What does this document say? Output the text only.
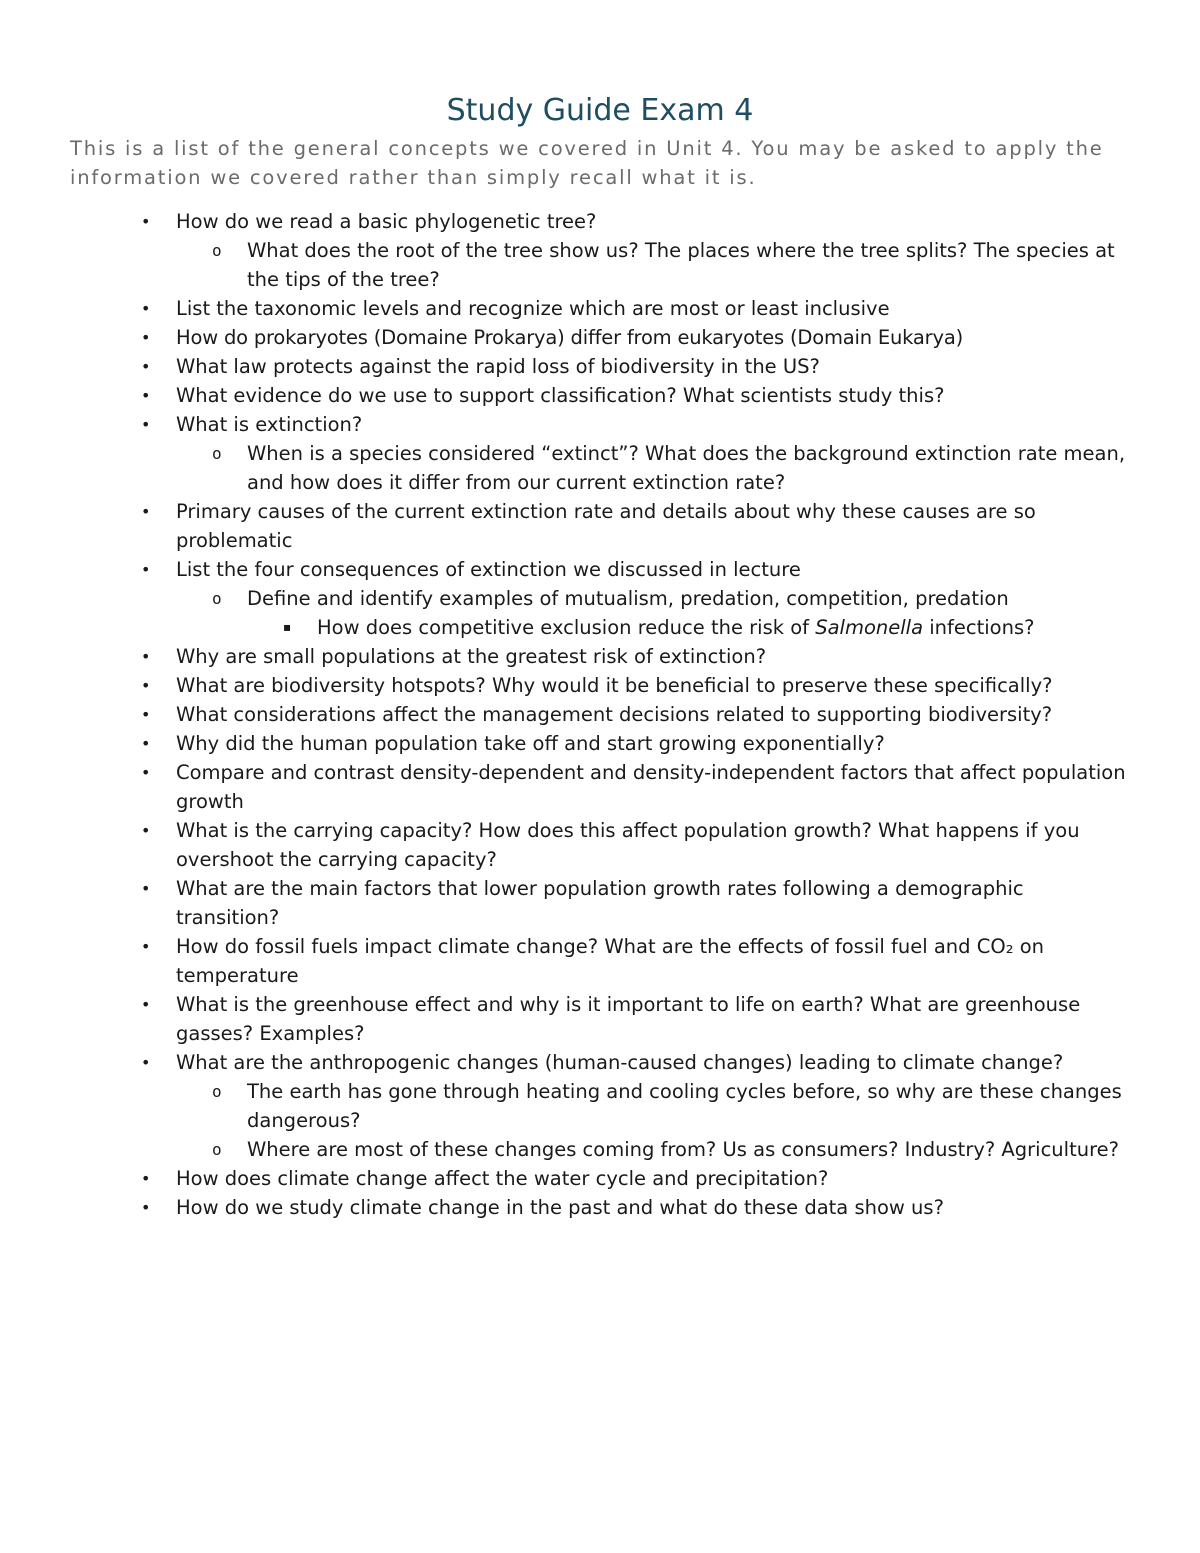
Study Guide Exam 4

This is a list of the general concepts we covered in Unit 4. You may be asked to apply the information we covered rather than simply recall what it is.

• How do we read a basic phylogenetic tree?
o What does the root of the tree show us? The places where the tree splits? The species at the tips of the tree?
• List the taxonomic levels and recognize which are most or least inclusive
• How do prokaryotes (Domaine Prokarya) differ from eukaryotes (Domain Eukarya)
• What law protects against the rapid loss of biodiversity in the US?
• What evidence do we use to support classification? What scientists study this?
• What is extinction?
o When is a species considered “extinct”? What does the background extinction rate mean, and how does it differ from our current extinction rate?
• Primary causes of the current extinction rate and details about why these causes are so problematic
• List the four consequences of extinction we discussed in lecture
o Define and identify examples of mutualism, predation, competition, predation
▪ How does competitive exclusion reduce the risk of Salmonella infections?
• Why are small populations at the greatest risk of extinction?
• What are biodiversity hotspots? Why would it be beneficial to preserve these specifically?
• What considerations affect the management decisions related to supporting biodiversity?
• Why did the human population take off and start growing exponentially?
• Compare and contrast density-dependent and density-independent factors that affect population growth
• What is the carrying capacity? How does this affect population growth? What happens if you overshoot the carrying capacity?
• What are the main factors that lower population growth rates following a demographic transition?
• How do fossil fuels impact climate change? What are the effects of fossil fuel and CO₂ on temperature
• What is the greenhouse effect and why is it important to life on earth? What are greenhouse gasses? Examples?
• What are the anthropogenic changes (human-caused changes) leading to climate change?
o The earth has gone through heating and cooling cycles before, so why are these changes dangerous?
o Where are most of these changes coming from? Us as consumers? Industry? Agriculture?
• How does climate change affect the water cycle and precipitation?
• How do we study climate change in the past and what do these data show us?
